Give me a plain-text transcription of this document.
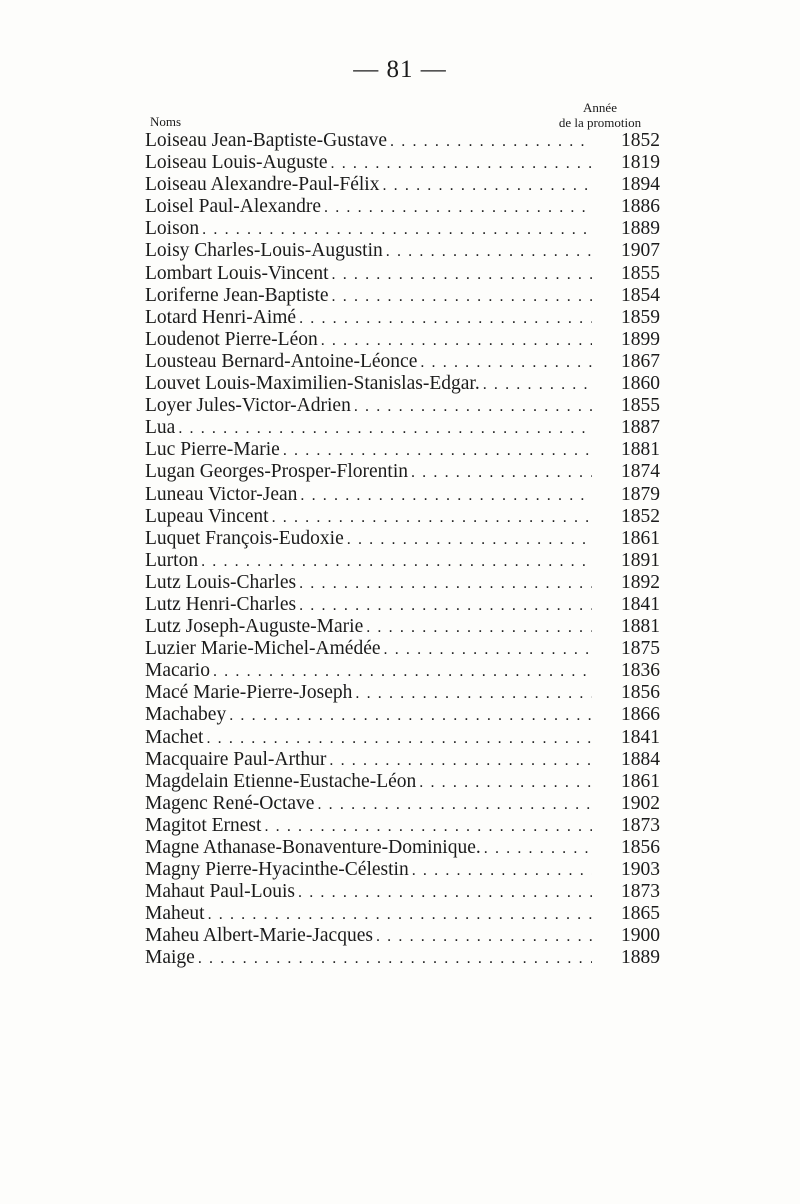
— 81 —
Année
de la promotion
Noms
Loiseau Jean-Baptiste-Gustave . . .	1852
Loiseau Louis-Auguste . . .	1819
Loiseau Alexandre-Paul-Félix . . .	1894
Loisel Paul-Alexandre . . .	1886
Loison . . .	1889
Loisy Charles-Louis-Augustin . . .	1907
Lombart Louis-Vincent . . .	1855
Loriferne Jean-Baptiste . . .	1854
Lotard Henri-Aimé . . .	1859
Loudenot Pierre-Léon . . .	1899
Lousteau Bernard-Antoine-Léonce . . .	1867
Louvet Louis-Maximilien-Stanislas-Edgar. . . .	1860
Loyer Jules-Victor-Adrien . . .	1855
Lua . . .	1887
Luc Pierre-Marie . . .	1881
Lugan Georges-Prosper-Florentin . . .	1874
Luneau Victor-Jean . . .	1879
Lupeau Vincent . . .	1852
Luquet François-Eudoxie . . .	1861
Lurton . . .	1891
Lutz Louis-Charles . . .	1892
Lutz Henri-Charles . . .	1841
Lutz Joseph-Auguste-Marie . . .	1881
Luzier Marie-Michel-Amédée . . .	1875
Macario . . .	1836
Macé Marie-Pierre-Joseph . . .	1856
Machabey . . .	1866
Machet . . .	1841
Macquaire Paul-Arthur . . .	1884
Magdelain Etienne-Eustache-Léon . . .	1861
Magenc René-Octave . . .	1902
Magitot Ernest . . .	1873
Magne Athanase-Bonaventure-Dominique. . . .	1856
Magny Pierre-Hyacinthe-Célestin . . .	1903
Mahaut Paul-Louis . . .	1873
Maheut . . .	1865
Maheu Albert-Marie-Jacques . . .	1900
Maige . . .	1889
